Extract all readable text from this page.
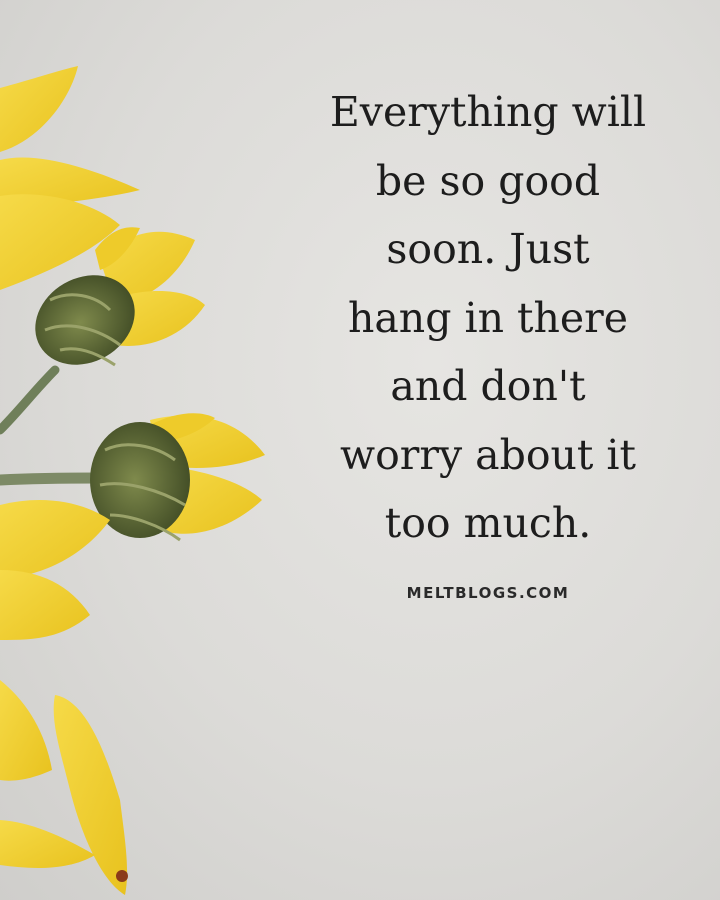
Everything will
be so good
soon. Just
hang in there
and don't
worry about it
too much.
MELTBLOGS.COM
